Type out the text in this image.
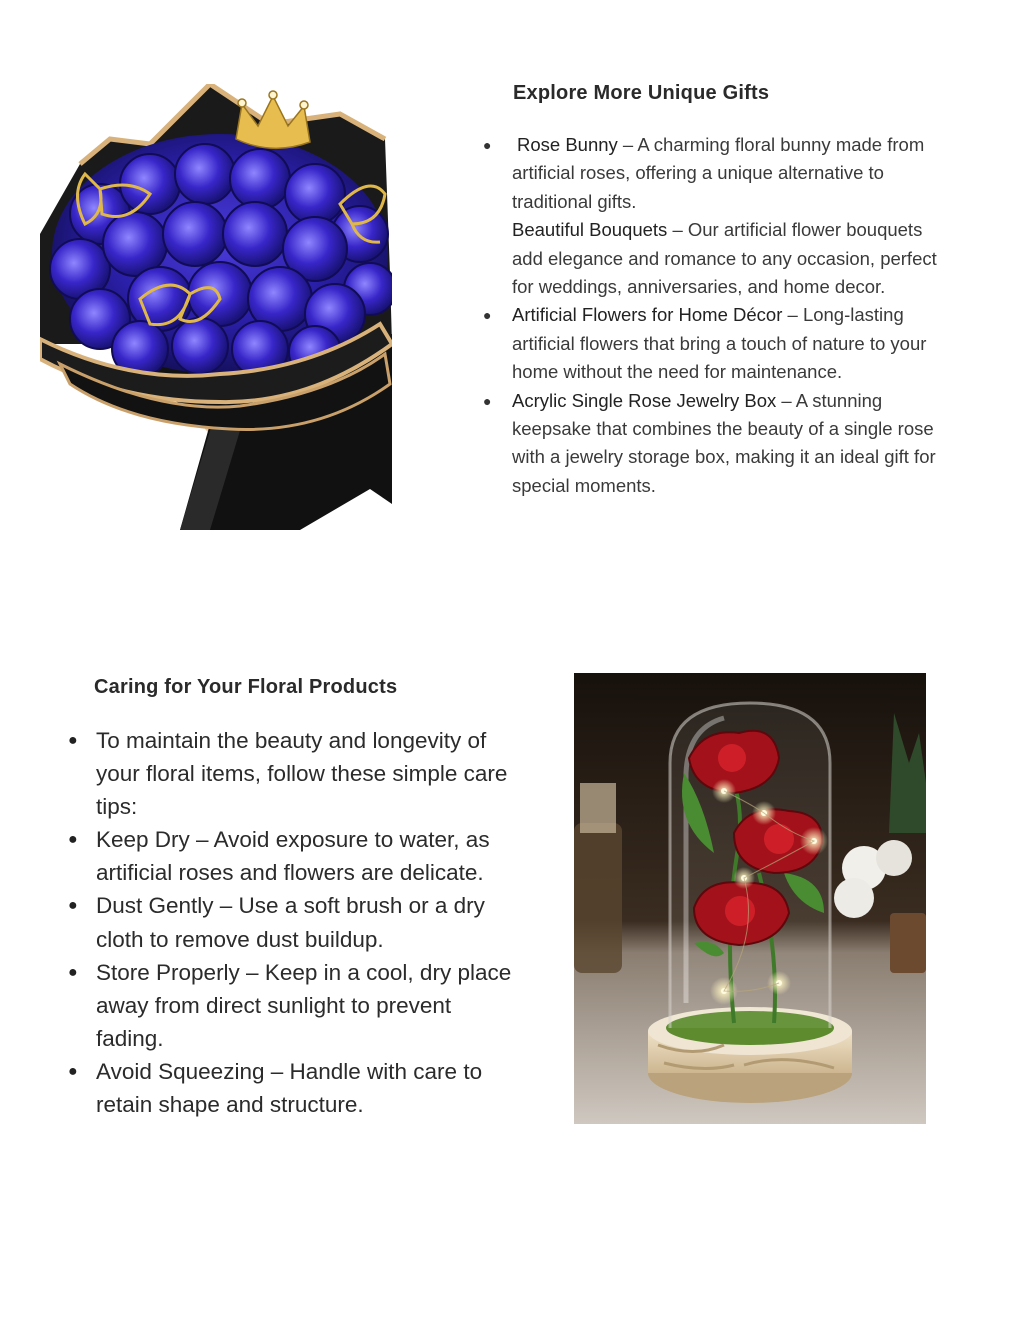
Explore More Unique Gifts
● Rose Bunny – A charming floral bunny made from artificial roses, offering a unique alternative to traditional gifts.
Beautiful Bouquets – Our artificial flower bouquets add elegance and romance to any occasion, perfect for weddings, anniversaries, and home decor.
● Artificial Flowers for Home Décor – Long-lasting artificial flowers that bring a touch of nature to your home without the need for maintenance.
● Acrylic Single Rose Jewelry Box – A stunning keepsake that combines the beauty of a single rose with a jewelry storage box, making it an ideal gift for special moments.
Caring for Your Floral Products
● To maintain the beauty and longevity of your floral items, follow these simple care tips:
● Keep Dry – Avoid exposure to water, as artificial roses and flowers are delicate.
● Dust Gently – Use a soft brush or a dry cloth to remove dust buildup.
● Store Properly – Keep in a cool, dry place away from direct sunlight to prevent fading.
● Avoid Squeezing – Handle with care to retain shape and structure.
